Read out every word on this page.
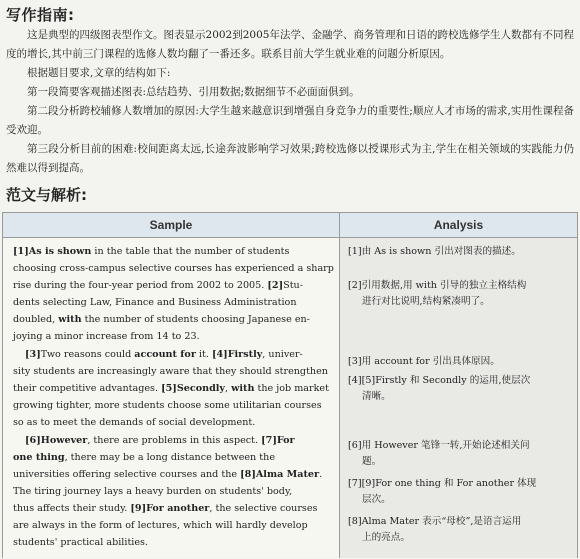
写作指南:
这是典型的四级图表型作文。图表显示2002到2005年法学、金融学、商务管理和日语的跨校选修学生人数都有不同程度的增长,其中前三门课程的选修人数均翻了一番还多。联系目前大学生就业难的问题分析原因。
根据题目要求,文章的结构如下:
第一段简要客观描述图表:总结趋势、引用数据;数据细节不必面面俱到。
第二段分析跨校辅修人数增加的原因:大学生越来越意识到增强自身竞争力的重要性;顺应人才市场的需求,实用性课程备受欢迎。
第三段分析目前的困难:校间距离太远,长途奔波影响学习效果;跨校选修以授课形式为主,学生在相关领域的实践能力仍然难以得到提高。
范文与解析:
Sample	Analysis
[1]As is shown in the table that the number of students
choosing cross-campus selective courses has experienced a sharp
rise during the four-year period from 2002 to 2005. [2]Stu-
dents selecting Law, Finance and Business Administration
doubled, with the number of students choosing Japanese en-
joying a minor increase from 14 to 23.
[3]Two reasons could account for it. [4]Firstly, univer-
sity students are increasingly aware that they should strengthen
their competitive advantages. [5]Secondly, with the job market
growing tighter, more students choose some utilitarian courses
so as to meet the demands of social development.
[6]However, there are problems in this aspect. [7]For
one thing, there may be a long distance between the
universities offering selective courses and the [8]Alma Mater.
The tiring journey lays a heavy burden on students' body,
thus affects their study. [9]For another, the selective courses
are always in the form of lectures, which will hardly develop
students' practical abilities.
[1]由 As is shown 引出对图表的描述。
[2]引用数据,用 with 引导的独立主格结构
进行对比说明,结构紧凑明了。
[3]用 account for 引出具体原因。
[4][5]Firstly 和 Secondly 的运用,使层次
清晰。
[6]用 However 笔锋一转,开始论述相关问
题。
[7][9]For one thing 和 For another 体现
层次。
[8]Alma Mater 表示“母校”,是语言运用
上的亮点。
